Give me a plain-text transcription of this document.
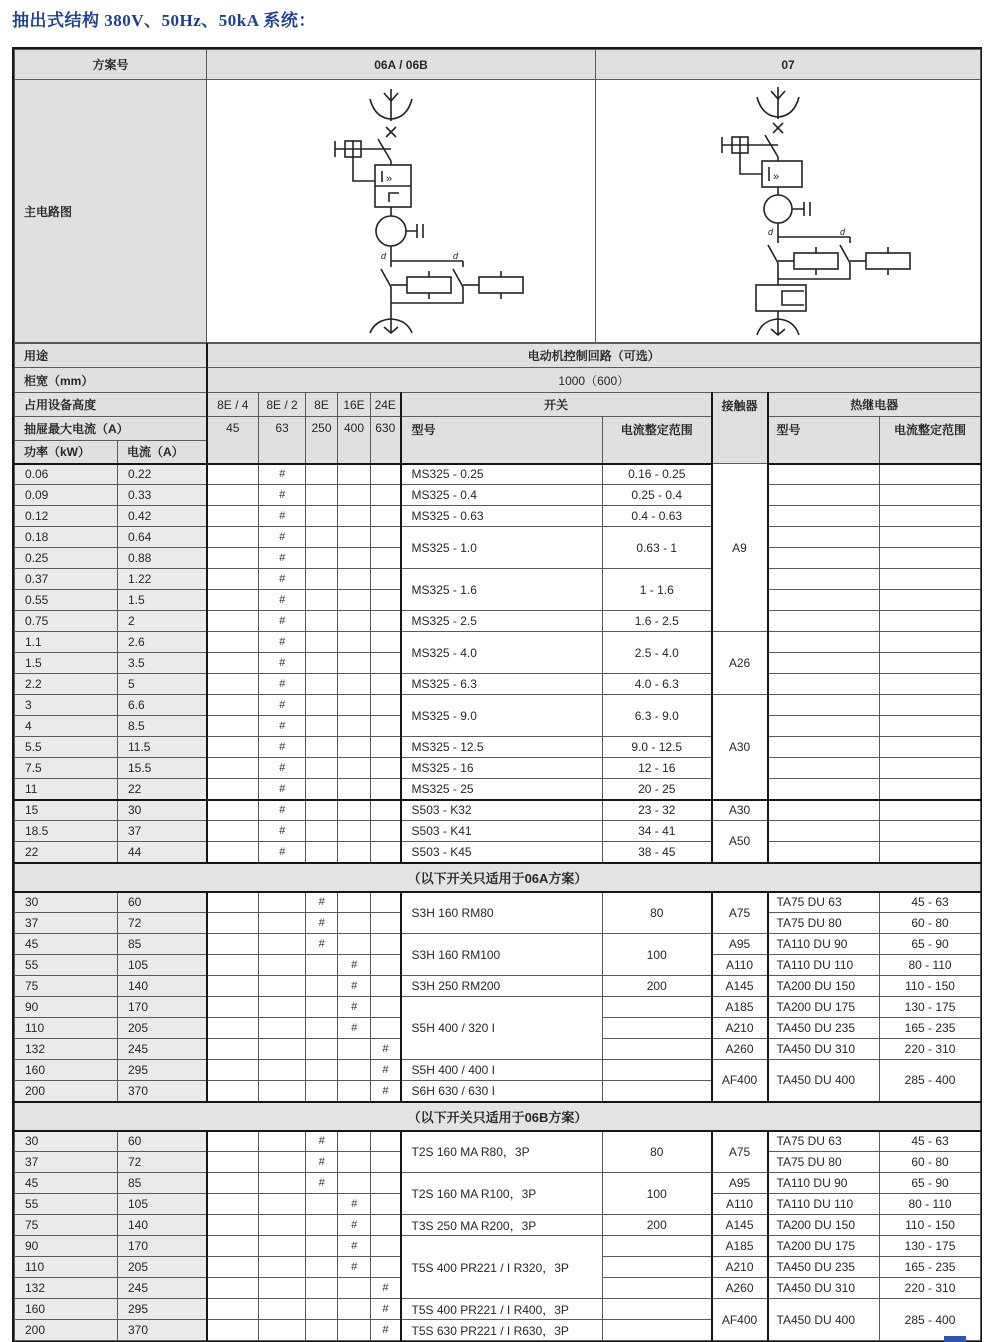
抽出式结构 380V、50Hz、50kA 系统：
方案号	06A / 06B	07
主电路图	»
d d	»
d d
用途		电动机控制回路（可选）									
柜宽（mm）		1000（600）									
占用设备高度		8E / 4	8E / 2	8E	16E	24E	开关		接触器	热继电器	
抽屉最大电流（A）		45	63	250	400	630	型号	电流整定范围		型号	电流整定范围
功率（kW）	电流（A）										
0.06	0.22		#				MS325 - 0.25	0.16 - 0.25	A9		
0.09	0.33		#				MS325 - 0.4	0.25 - 0.4			
0.12	0.42		#				MS325 - 0.63	0.4 - 0.63			
0.18	0.64		#				MS325 - 1.0	0.63 - 1			
0.25	0.88		#								
0.37	1.22		#				MS325 - 1.6	1 - 1.6			
0.55	1.5		#								
0.75	2		#				MS325 - 2.5	1.6 - 2.5			
1.1	2.6		#				MS325 - 4.0	2.5 - 4.0	A26		
1.5	3.5		#								
2.2	5		#				MS325 - 6.3	4.0 - 6.3			
3	6.6		#				MS325 - 9.0	6.3 - 9.0	A30		
4	8.5		#								
5.5	11.5		#				MS325 - 12.5	9.0 - 12.5			
7.5	15.5		#				MS325 - 16	12 - 16			
11	22		#				MS325 - 25	20 - 25			
15	30		#				S503 - K32	23 - 32	A30		
18.5	37		#				S503 - K41	34 - 41	A50		
22	44		#				S503 - K45	38 - 45			
（以下开关只适用于06A方案）											
30	60			#			S3H 160 RM80	80	A75	TA75 DU 63	45 - 63
37	72			#						TA75 DU 80	60 - 80
45	85			#			S3H 160 RM100	100	A95	TA110 DU 90	65 - 90
55	105				#				A110	TA110 DU 110	80 - 110
75	140				#		S3H 250 RM200	200	A145	TA200 DU 150	110 - 150
90	170				#		S5H 400 / 320 I		A185	TA200 DU 175	130 - 175
110	205				#				A210	TA450 DU 235	165 - 235
132	245					#			A260	TA450 DU 310	220 - 310
160	295					#	S5H 400 / 400 I		AF400	TA450 DU 400	285 - 400
200	370					#	S6H 630 / 630 I				
（以下开关只适用于06B方案）											
30	60			#			T2S 160 MA R80，3P	80	A75	TA75 DU 63	45 - 63
37	72			#						TA75 DU 80	60 - 80
45	85			#			T2S 160 MA R100，3P	100	A95	TA110 DU 90	65 - 90
55	105				#				A110	TA110 DU 110	80 - 110
75	140				#		T3S 250 MA R200，3P	200	A145	TA200 DU 150	110 - 150
90	170				#		T5S 400 PR221 / I R320，3P		A185	TA200 DU 175	130 - 175
110	205				#				A210	TA450 DU 235	165 - 235
132	245					#			A260	TA450 DU 310	220 - 310
160	295					#	T5S 400 PR221 / I R400，3P		AF400	TA450 DU 400	285 - 400
200	370					#	T5S 630 PR221 / I R630，3P				
